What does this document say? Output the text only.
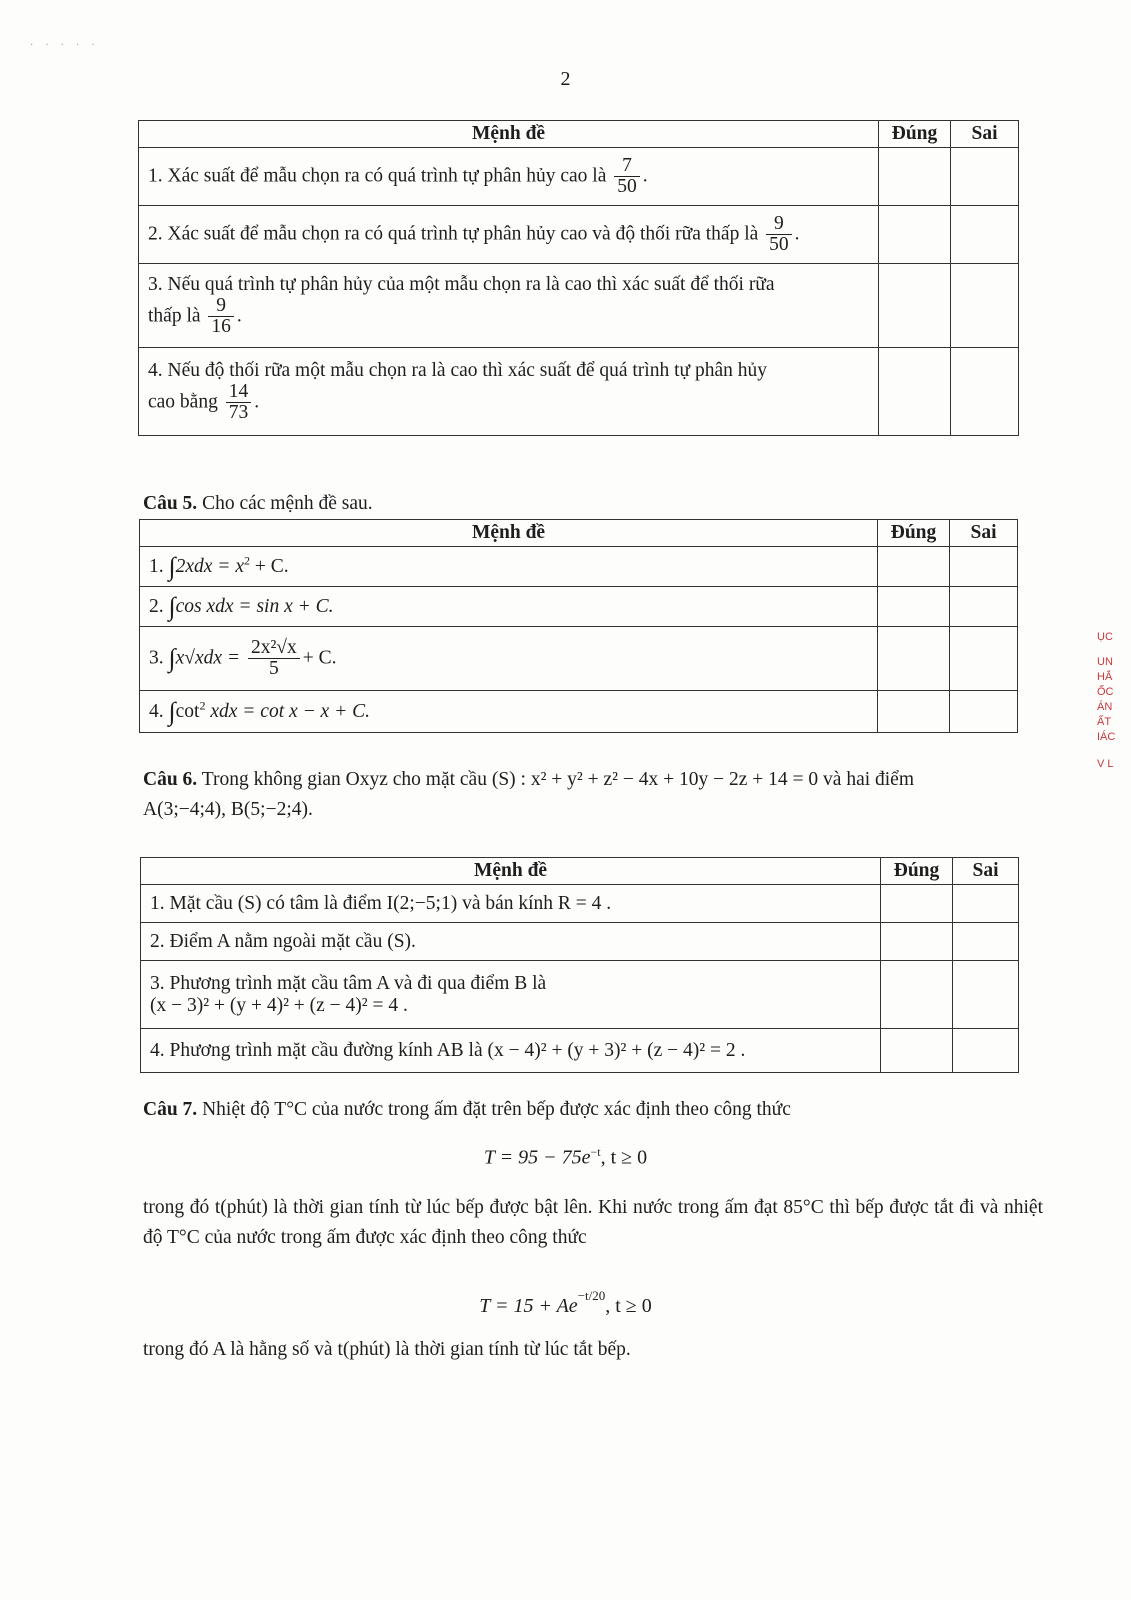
·····
2
Mệnh đề	Đúng	Sai
1. Xác suất để mẫu chọn ra có quá trình tự phân hủy cao là $\frac{7}{50}$ .		
2. Xác suất để mẫu chọn ra có quá trình tự phân hủy cao và độ thối rữa thấp là $\frac{9}{50}$ .		

3. Nếu quá trình tự phân hủy của một mẫu chọn ra là cao thì xác suất để thối rữa
thấp là $\frac{9}{16}$ .		

4. Nếu độ thối rữa một mẫu chọn ra là cao thì xác suất để quá trình tự phân hủy
cao bằng $\frac{14}{73}$ .		

Câu 5. Cho các mệnh đề sau.
Mệnh đề	Đúng	Sai
1. $\int 2xdx = x^2 + C$.		
2. ∫cos xdx = sin x + C.		
3. $\int x√xdx = \frac{\text{2x²√x}}{5} + C$.		
4. $\int\cot^2$ xdx = cot x − x + C.		
Câu 6. Trong không gian Oxyz cho mặt cầu (S) : x² + y² + z² − 4x + 10y − 2z + 14 = 0 và hai điểm
A(3;−4;4), B(5;−2;4).
Mệnh đề	Đúng	Sai
1. Mặt cầu (S) có tâm là điểm I(2;−5;1) và bán kính R = 4 .		
2. Điểm A nằm ngoài mặt cầu (S).		

3. Phương trình mặt cầu tâm A và đi qua điểm B là
(x − 3)² + (y + 4)² + (z − 4)² = 4 .		

4. Phương trình mặt cầu đường kính AB là (x − 4)² + (y + 3)² + (z − 4)² = 2 .		
Câu 7. Nhiệt độ T°C của nước trong ấm đặt trên bếp được xác định theo công thức
$T = 95 - 75e^{-t}$, t ≥ 0
trong đó t(phút) là thời gian tính từ lúc bếp được bật lên. Khi nước trong ấm đạt 85°C thì bếp được tắt đi và nhiệt độ T°C của nước trong ấm được xác định theo công thức
$T = 15 + Ae^{-t/20}$, t ≥ 0
trong đó A là hằng số và t(phút) là thời gian tính từ lúc tắt bếp.
ỤC
UN
HẮ
ỐC
ÁN
ẤT
IÁC
V L
